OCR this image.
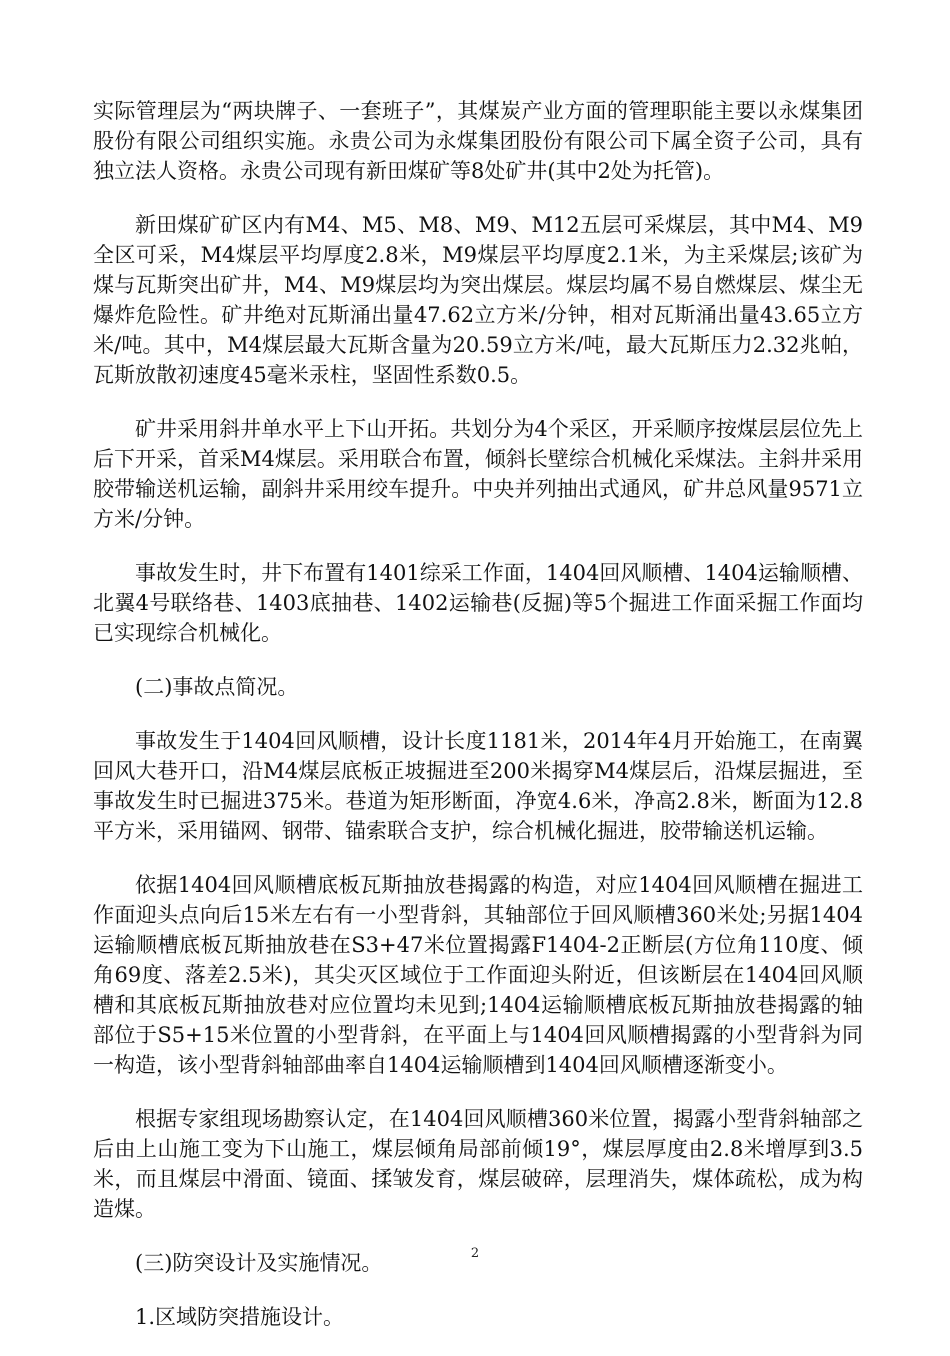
实际管理层为“两块牌子、一套班子”，其煤炭产业方面的管理职能主要以永煤集团股份有限公司组织实施。永贵公司为永煤集团股份有限公司下属全资子公司，具有独立法人资格。永贵公司现有新田煤矿等8处矿井(其中2处为托管)。

新田煤矿矿区内有M4、M5、M8、M9、M12五层可采煤层，其中M4、M9全区可采，M4煤层平均厚度2.8米，M9煤层平均厚度2.1米，为主采煤层;该矿为煤与瓦斯突出矿井，M4、M9煤层均为突出煤层。煤层均属不易自燃煤层、煤尘无爆炸危险性。矿井绝对瓦斯涌出量47.62立方米/分钟，相对瓦斯涌出量43.65立方米/吨。其中，M4煤层最大瓦斯含量为20.59立方米/吨，最大瓦斯压力2.32兆帕，瓦斯放散初速度45毫米汞柱，坚固性系数0.5。

矿井采用斜井单水平上下山开拓。共划分为4个采区，开采顺序按煤层层位先上后下开采，首采M4煤层。采用联合布置，倾斜长壁综合机械化采煤法。主斜井采用胶带输送机运输，副斜井采用绞车提升。中央并列抽出式通风，矿井总风量9571立方米/分钟。

事故发生时，井下布置有1401综采工作面，1404回风顺槽、1404运输顺槽、北翼4号联络巷、1403底抽巷、1402运输巷(反掘)等5个掘进工作面采掘工作面均已实现综合机械化。

(二)事故点简况。

事故发生于1404回风顺槽，设计长度1181米，2014年4月开始施工，在南翼回风大巷开口，沿M4煤层底板正坡掘进至200米揭穿M4煤层后，沿煤层掘进，至事故发生时已掘进375米。巷道为矩形断面，净宽4.6米，净高2.8米，断面为12.8平方米，采用锚网、钢带、锚索联合支护，综合机械化掘进，胶带输送机运输。

依据1404回风顺槽底板瓦斯抽放巷揭露的构造，对应1404回风顺槽在掘进工作面迎头点向后15米左右有一小型背斜，其轴部位于回风顺槽360米处;另据1404运输顺槽底板瓦斯抽放巷在S3+47米位置揭露F1404-2正断层(方位角110度、倾角69度、落差2.5米)，其尖灭区域位于工作面迎头附近，但该断层在1404回风顺槽和其底板瓦斯抽放巷对应位置均未见到;1404运输顺槽底板瓦斯抽放巷揭露的轴部位于S5+15米位置的小型背斜，在平面上与1404回风顺槽揭露的小型背斜为同一构造，该小型背斜轴部曲率自1404运输顺槽到1404回风顺槽逐渐变小。

根据专家组现场勘察认定，在1404回风顺槽360米位置，揭露小型背斜轴部之后由上山施工变为下山施工，煤层倾角局部前倾19°，煤层厚度由2.8米增厚到3.5米，而且煤层中滑面、镜面、揉皱发育，煤层破碎，层理消失，煤体疏松，成为构造煤。

(三)防突设计及实施情况。

1.区域防突措施设计。

2
